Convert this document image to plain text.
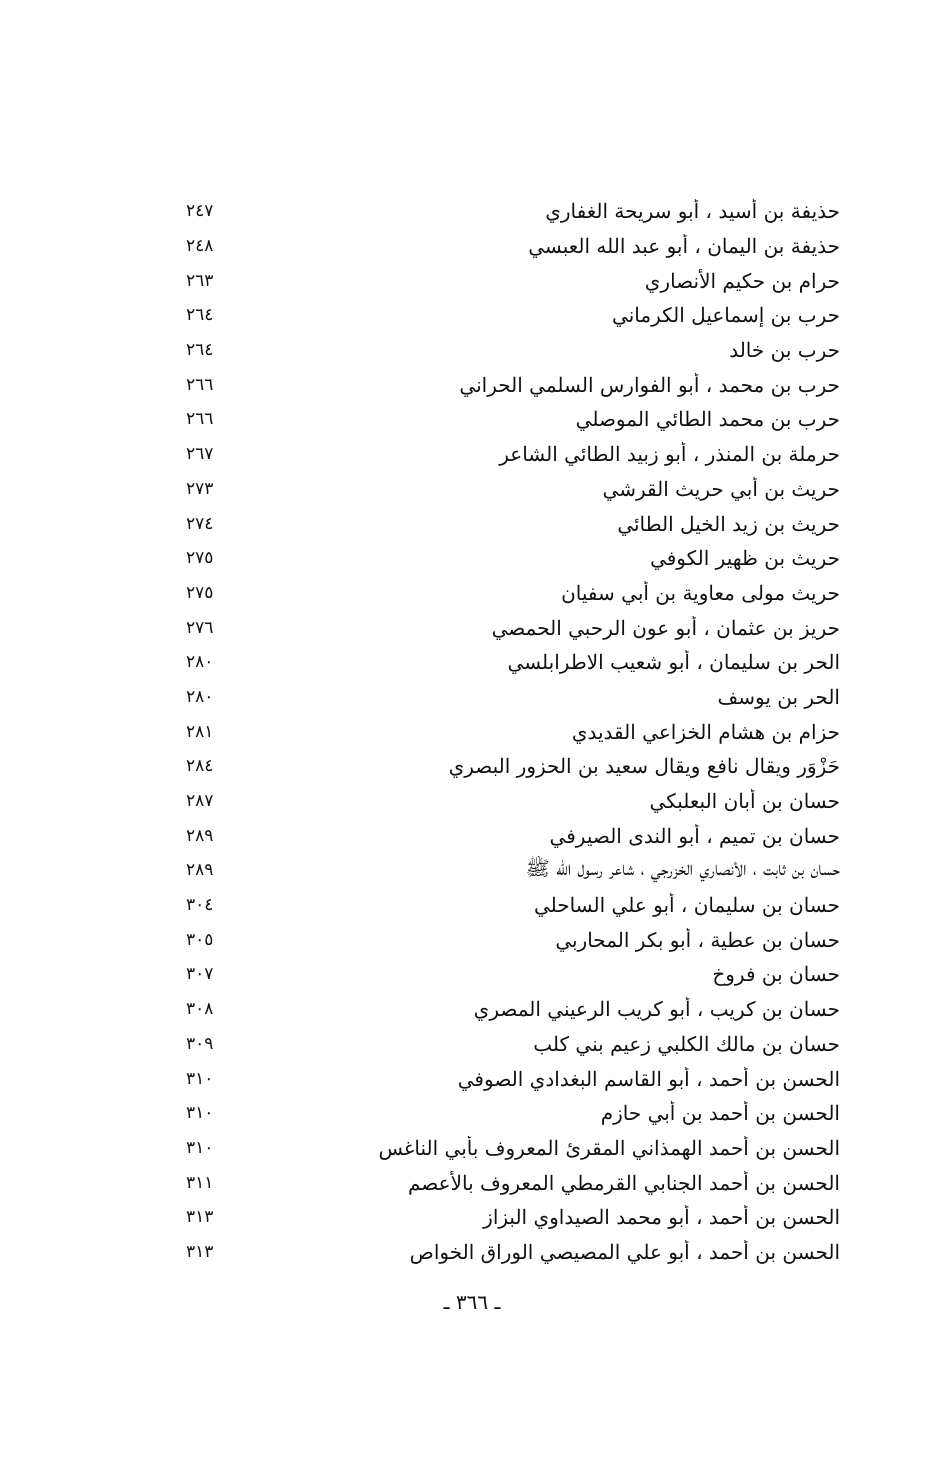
٢٤٧	حذيفة بن أسيد ، أبو سريحة الغفاري
٢٤٨	حذيفة بن اليمان ، أبو عبد الله العبسي
٢٦٣	حرام بن حكيم الأنصاري
٢٦٤	حرب بن إسماعيل الكرماني
٢٦٤	حرب بن خالد
٢٦٦	حرب بن محمد ، أبو الفوارس السلمي الحراني
٢٦٦	حرب بن محمد الطائي الموصلي
٢٦٧	حرملة بن المنذر ، أبو زبيد الطائي الشاعر
٢٧٣	حريث بن أبي حريث القرشي
٢٧٤	حريث بن زيد الخيل الطائي
٢٧٥	حريث بن ظهير الكوفي
٢٧٥	حريث مولى معاوية بن أبي سفيان
٢٧٦	حريز بن عثمان ، أبو عون الرحبي الحمصي
٢٨٠	الحر بن سليمان ، أبو شعيب الاطرابلسي
٢٨٠	الحر بن يوسف
٢٨١	حزام بن هشام الخزاعي القديدي
٢٨٤	حَزْوَر ويقال نافع ويقال سعيد بن الحزور البصري
٢٨٧	حسان بن أبان البعلبكي
٢٨٩	حسان بن تميم ، أبو الندى الصيرفي
٢٨٩	حسان بن ثابت ، الأنصاري الخزرجي ، شاعر رسول الله ﷺ
٣٠٤	حسان بن سليمان ، أبو علي الساحلي
٣٠٥	حسان بن عطية ، أبو بكر المحاربي
٣٠٧	حسان بن فروخ
٣٠٨	حسان بن كريب ، أبو كريب الرعيني المصري
٣٠٩	حسان بن مالك الكلبي زعيم بني كلب
٣١٠	الحسن بن أحمد ، أبو القاسم البغدادي الصوفي
٣١٠	الحسن بن أحمد بن أبي حازم
٣١٠	الحسن بن أحمد الهمذاني المقرئ المعروف بأبي الناغس
٣١١	الحسن بن أحمد الجنابي القرمطي المعروف بالأعصم
٣١٣	الحسن بن أحمد ، أبو محمد الصيداوي البزاز
٣١٣	الحسن بن أحمد ، أبو علي المصيصي الوراق الخواص
ـ ٣٦٦ ـ
